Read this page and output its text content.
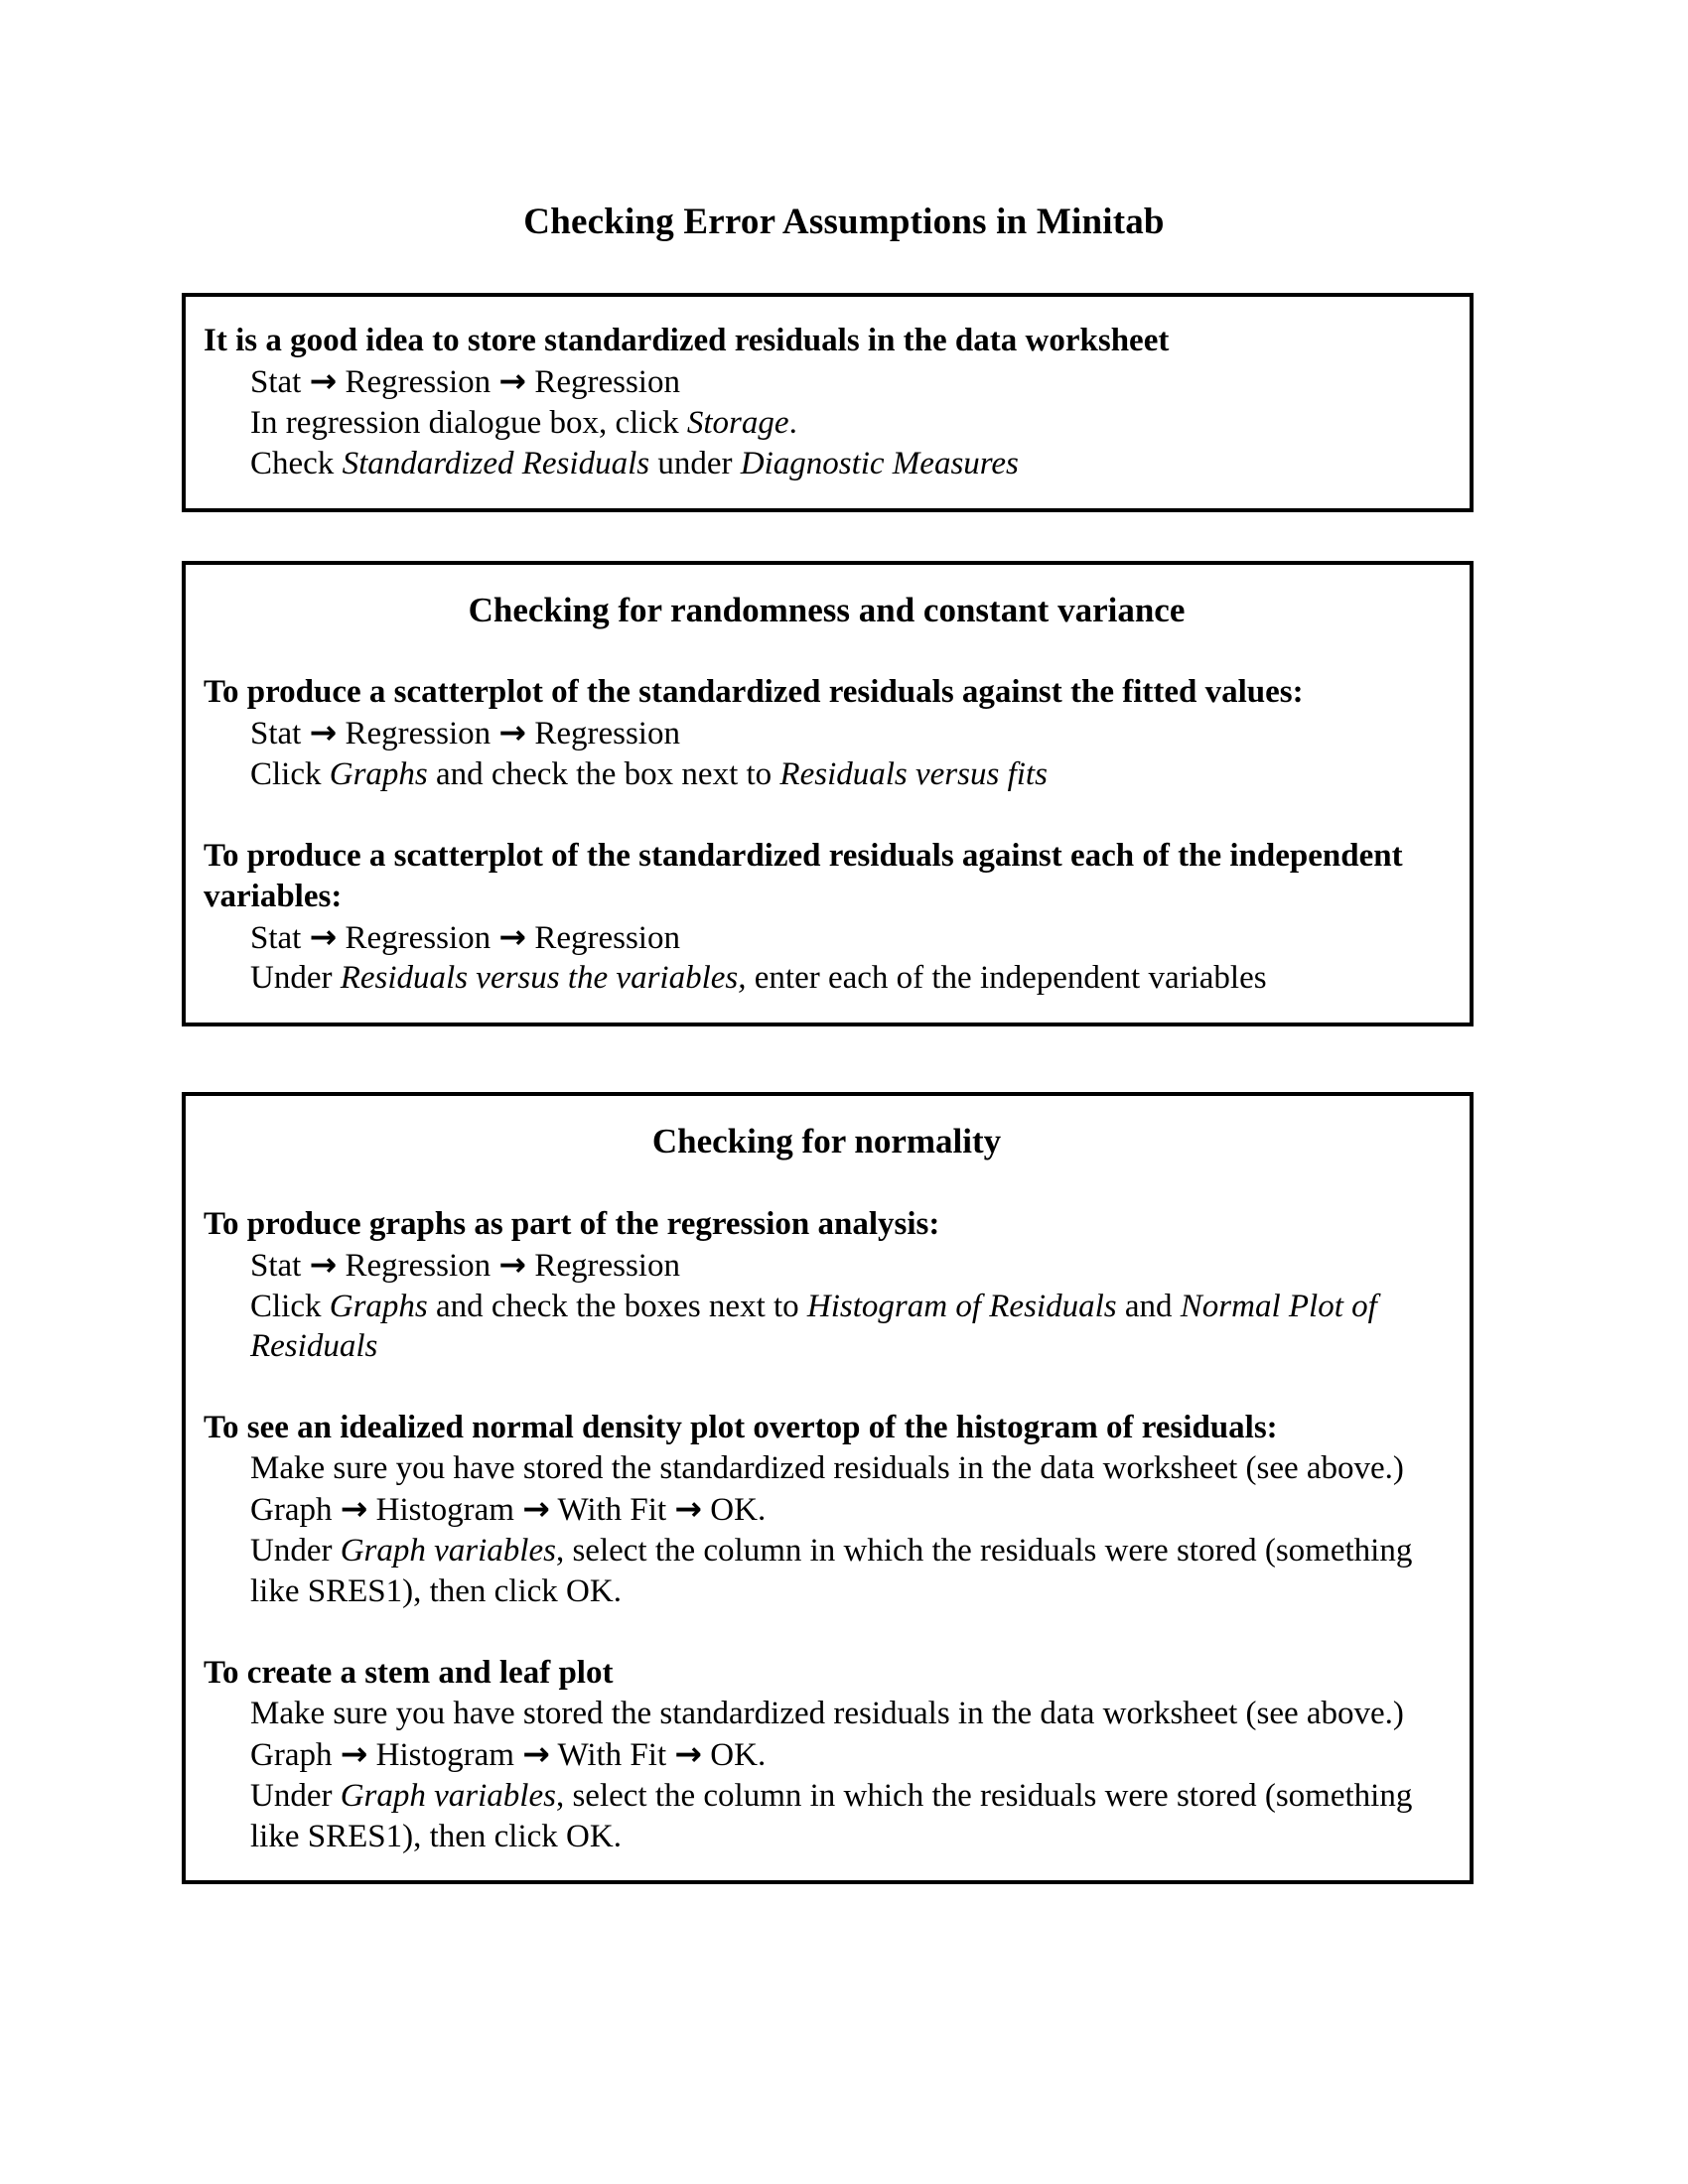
Checking Error Assumptions in Minitab

It is a good idea to store standardized residuals in the data worksheet

Stat → Regression → Regression

In regression dialogue box, click Storage.

Check Standardized Residuals under Diagnostic Measures

Checking for randomness and constant variance

To produce a scatterplot of the standardized residuals against the fitted values:

Stat → Regression → Regression

Click Graphs and check the box next to Residuals versus fits

To produce a scatterplot of the standardized residuals against each of the independent variables:

Stat → Regression → Regression

Under Residuals versus the variables, enter each of the independent variables

Checking for normality

To produce graphs as part of the regression analysis:

Stat → Regression → Regression

Click Graphs and check the boxes next to Histogram of Residuals and Normal Plot of Residuals

To see an idealized normal density plot overtop of the histogram of residuals:

Make sure you have stored the standardized residuals in the data worksheet (see above.)

Graph → Histogram → With Fit → OK.

Under Graph variables, select the column in which the residuals were stored (something like SRES1), then click OK.

To create a stem and leaf plot

Make sure you have stored the standardized residuals in the data worksheet (see above.)

Graph → Histogram → With Fit → OK.

Under Graph variables, select the column in which the residuals were stored (something like SRES1), then click OK.
